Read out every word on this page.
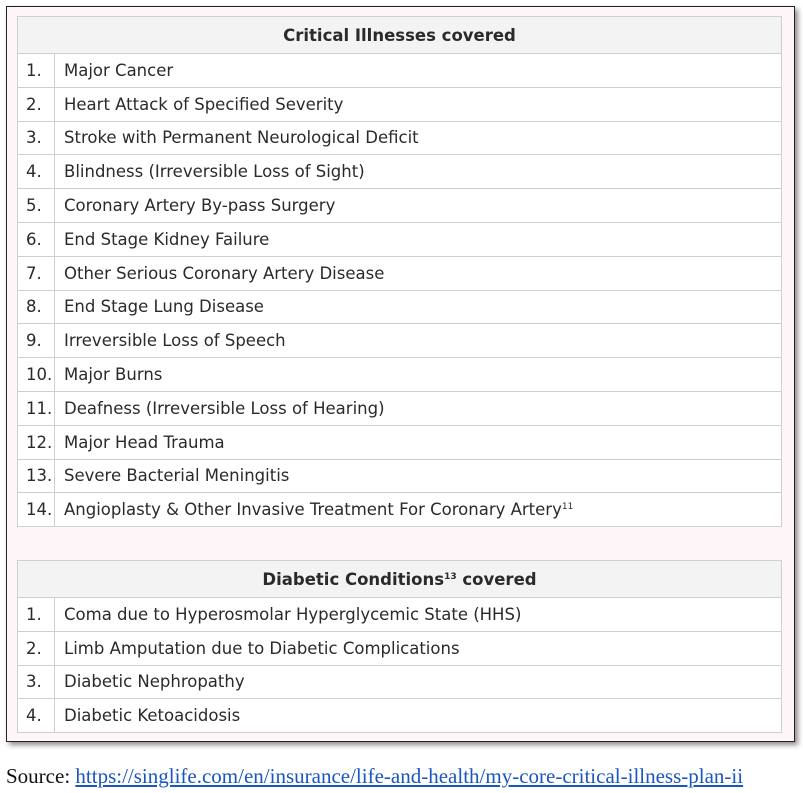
Critical Illnesses covered	
1.	Major Cancer
2.	Heart Attack of Specified Severity
3.	Stroke with Permanent Neurological Deficit
4.	Blindness (Irreversible Loss of Sight)
5.	Coronary Artery By-pass Surgery
6.	End Stage Kidney Failure
7.	Other Serious Coronary Artery Disease
8.	End Stage Lung Disease
9.	Irreversible Loss of Speech
10.	Major Burns
11.	Deafness (Irreversible Loss of Hearing)
12.	Major Head Trauma
13.	Severe Bacterial Meningitis
14.	Angioplasty & Other Invasive Treatment For Coronary Artery$^{11}$
Diabetic Conditions$^{13}$ covered	
1.	Coma due to Hyperosmolar Hyperglycemic State (HHS)
2.	Limb Amputation due to Diabetic Complications
3.	Diabetic Nephropathy
4.	Diabetic Ketoacidosis
Source: https://singlife.com/en/insurance/life-and-health/my-core-critical-illness-plan-ii
